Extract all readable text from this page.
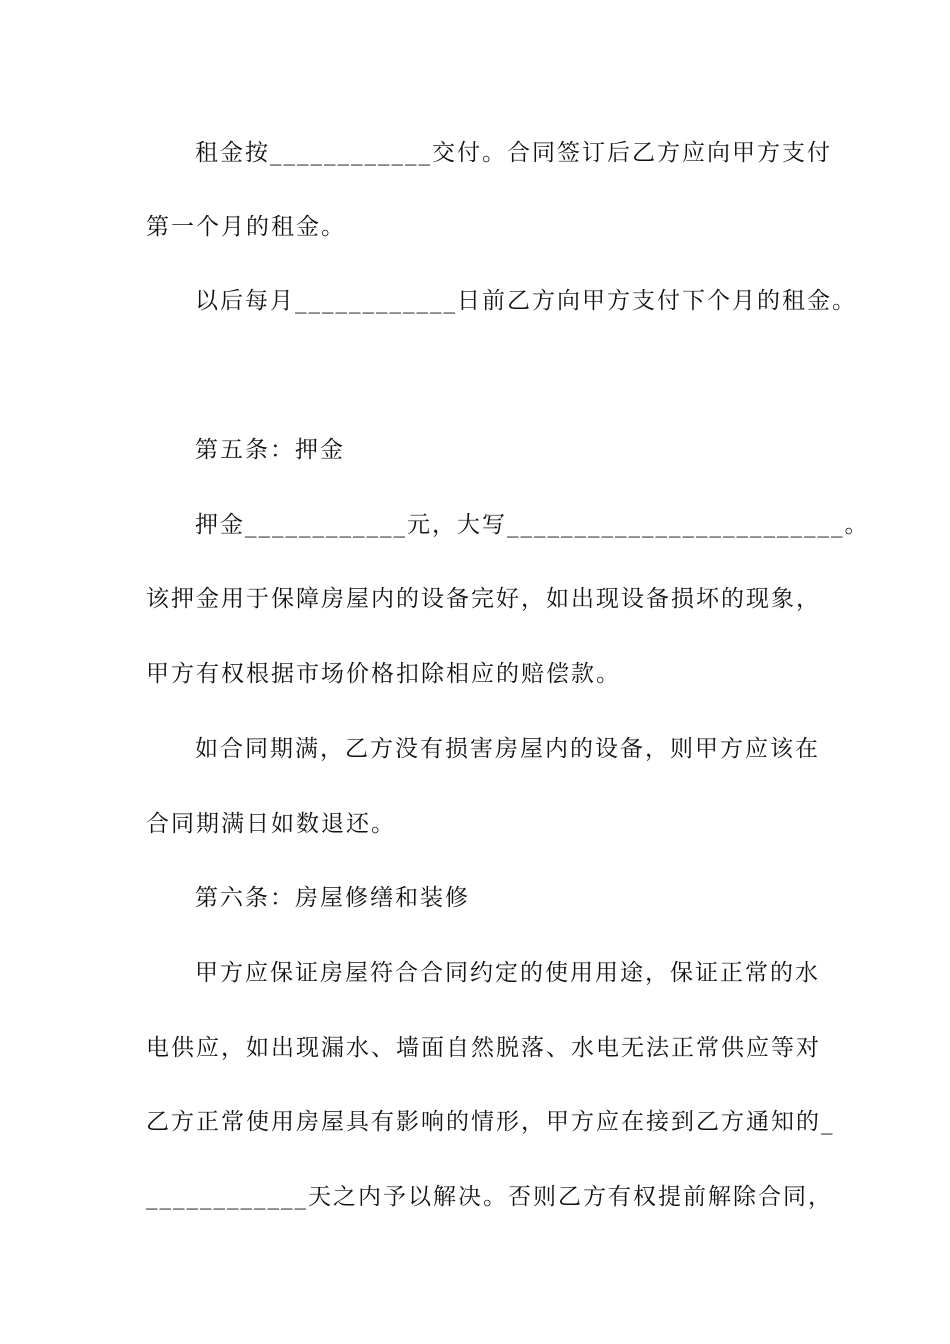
租金按____________交付。合同签订后乙方应向甲方支付
第一个月的租金。
以后每月____________日前乙方向甲方支付下个月的租金。
第五条：押金
押金____________元，大写_________________________。
该押金用于保障房屋内的设备完好，如出现设备损坏的现象，
甲方有权根据市场价格扣除相应的赔偿款。
如合同期满，乙方没有损害房屋内的设备，则甲方应该在
合同期满日如数退还。
第六条：房屋修缮和装修
甲方应保证房屋符合合同约定的使用用途，保证正常的水
电供应，如出现漏水、墙面自然脱落、水电无法正常供应等对
乙方正常使用房屋具有影响的情形，甲方应在接到乙方通知的_
____________天之内予以解决。否则乙方有权提前解除合同，
